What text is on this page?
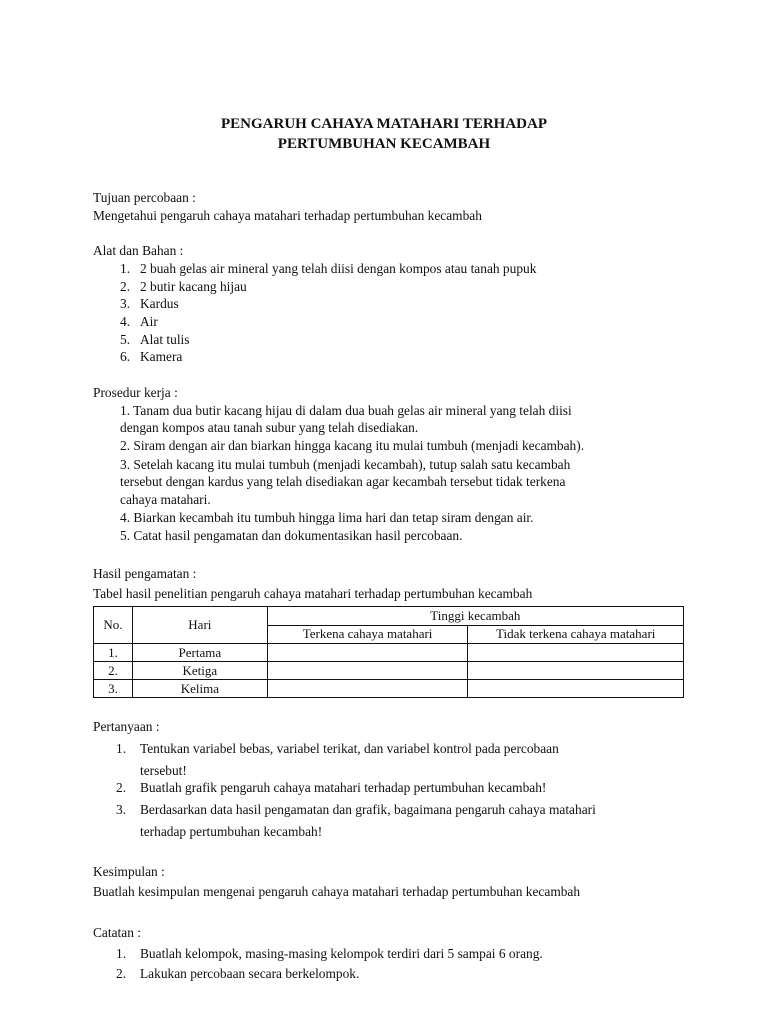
PENGARUH CAHAYA MATAHARI TERHADAP
PERTUMBUHAN KECAMBAH
Tujuan percobaan :
Mengetahui pengaruh cahaya matahari terhadap pertumbuhan kecambah
Alat dan Bahan :
1. 2 buah gelas air mineral yang telah diisi dengan kompos atau tanah pupuk
2. 2 butir kacang hijau
3. Kardus
4. Air
5. Alat tulis
6. Kamera
Prosedur kerja :
1. Tanam dua butir kacang hijau di dalam dua buah gelas air mineral yang telah diisi
dengan kompos atau tanah subur yang telah disediakan.
2. Siram dengan air dan biarkan hingga kacang itu mulai tumbuh (menjadi kecambah).
3. Setelah kacang itu mulai tumbuh (menjadi kecambah), tutup salah satu kecambah
tersebut dengan kardus yang telah disediakan agar kecambah tersebut tidak terkena
cahaya matahari.
4. Biarkan kecambah itu tumbuh hingga lima hari dan tetap siram dengan air.
5. Catat hasil pengamatan dan dokumentasikan hasil percobaan.
Hasil pengamatan :
Tabel hasil penelitian pengaruh cahaya matahari terhadap pertumbuhan kecambah
No.	Hari	Tinggi kecambah	
		Terkena cahaya matahari	Tidak terkena cahaya matahari
1.	Pertama		
2.	Ketiga		
3.	Kelima		
Pertanyaan :
1. Tentukan variabel bebas, variabel terikat, dan variabel kontrol pada percobaan
tersebut!
2. Buatlah grafik pengaruh cahaya matahari terhadap pertumbuhan kecambah!
3. Berdasarkan data hasil pengamatan dan grafik, bagaimana pengaruh cahaya matahari
terhadap pertumbuhan kecambah!
Kesimpulan :
Buatlah kesimpulan mengenai pengaruh cahaya matahari terhadap pertumbuhan kecambah
Catatan :
1. Buatlah kelompok, masing-masing kelompok terdiri dari 5 sampai 6 orang.
2. Lakukan percobaan secara berkelompok.
